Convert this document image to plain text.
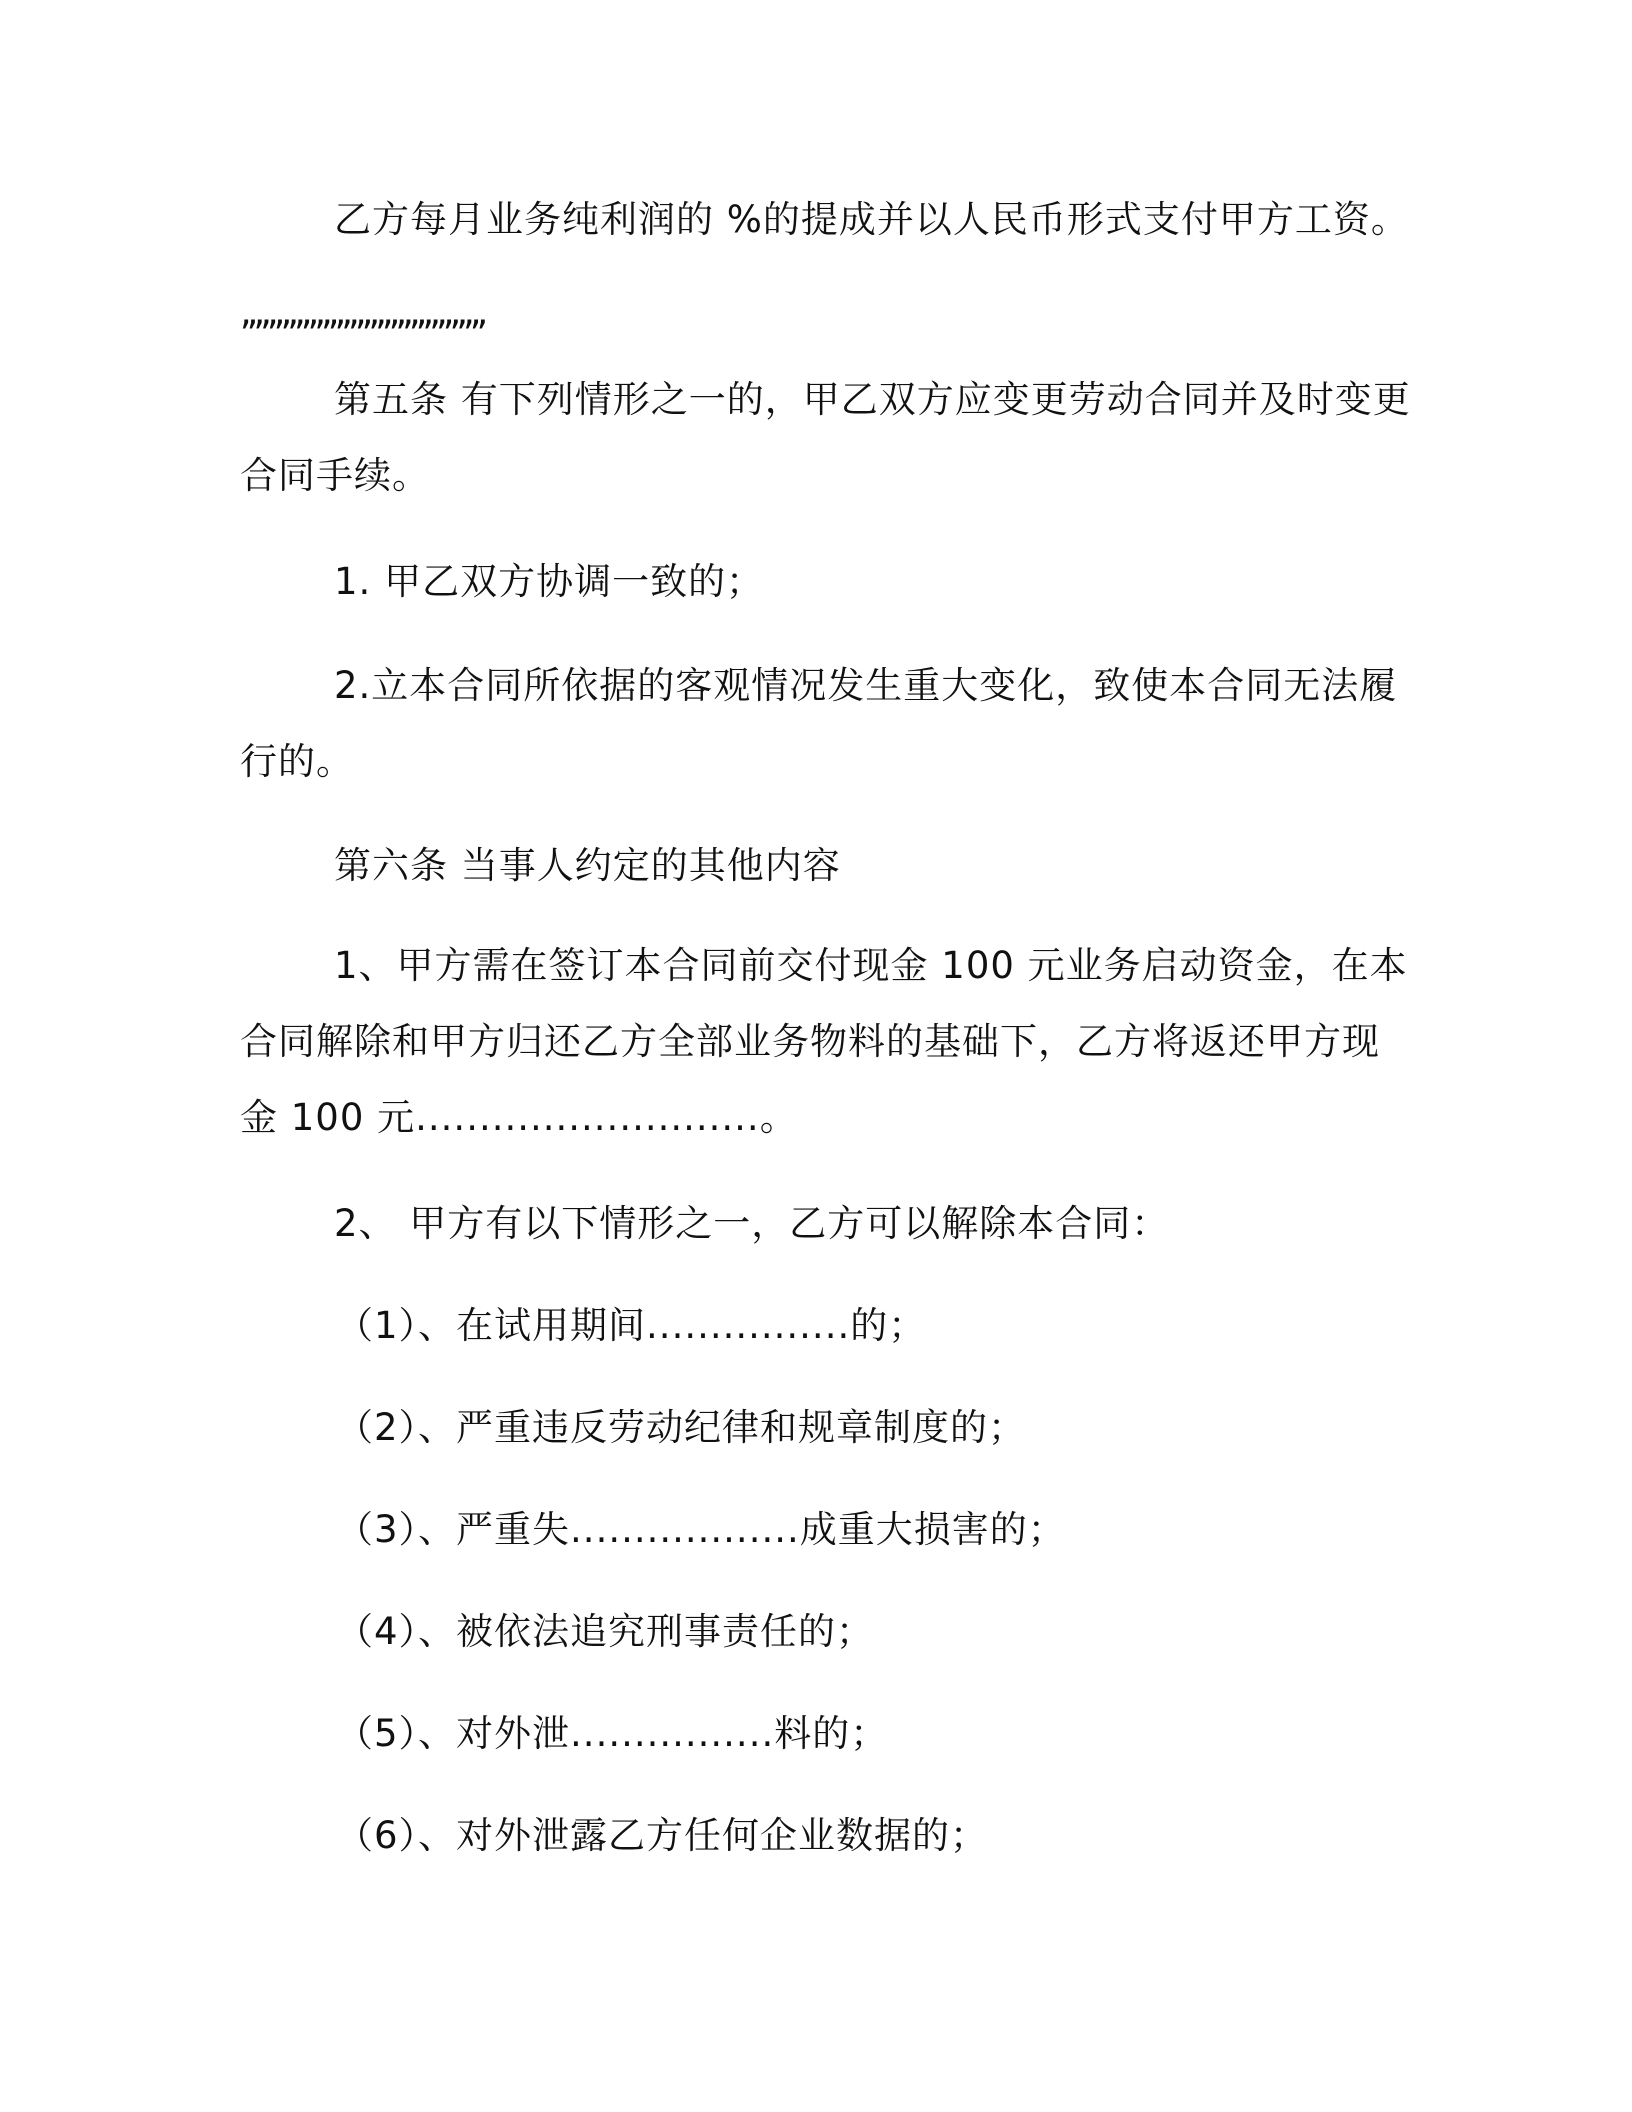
乙方每月业务纯利润的 %的提成并以人民币形式支付甲方工资。

,,,,,,,,,,,,,,,,,,,,,,,,,,,,,,,,,,,,

第五条 有下列情形之一的，甲乙双方应变更劳动合同并及时变更

合同手续。

1. 甲乙双方协调一致的；

2.立本合同所依据的客观情况发生重大变化，致使本合同无法履

行的。

第六条 当事人约定的其他内容

1、甲方需在签订本合同前交付现金 100 元业务启动资金，在本

合同解除和甲方归还乙方全部业务物料的基础下，乙方将返还甲方现

金 100 元...........................。

2、 甲方有以下情形之一，乙方可以解除本合同：

（1）、在试用期间................的；

（2）、严重违反劳动纪律和规章制度的；

（3）、严重失..................成重大损害的；

（4）、被依法追究刑事责任的；

（5）、对外泄................料的；

（6）、对外泄露乙方任何企业数据的；
